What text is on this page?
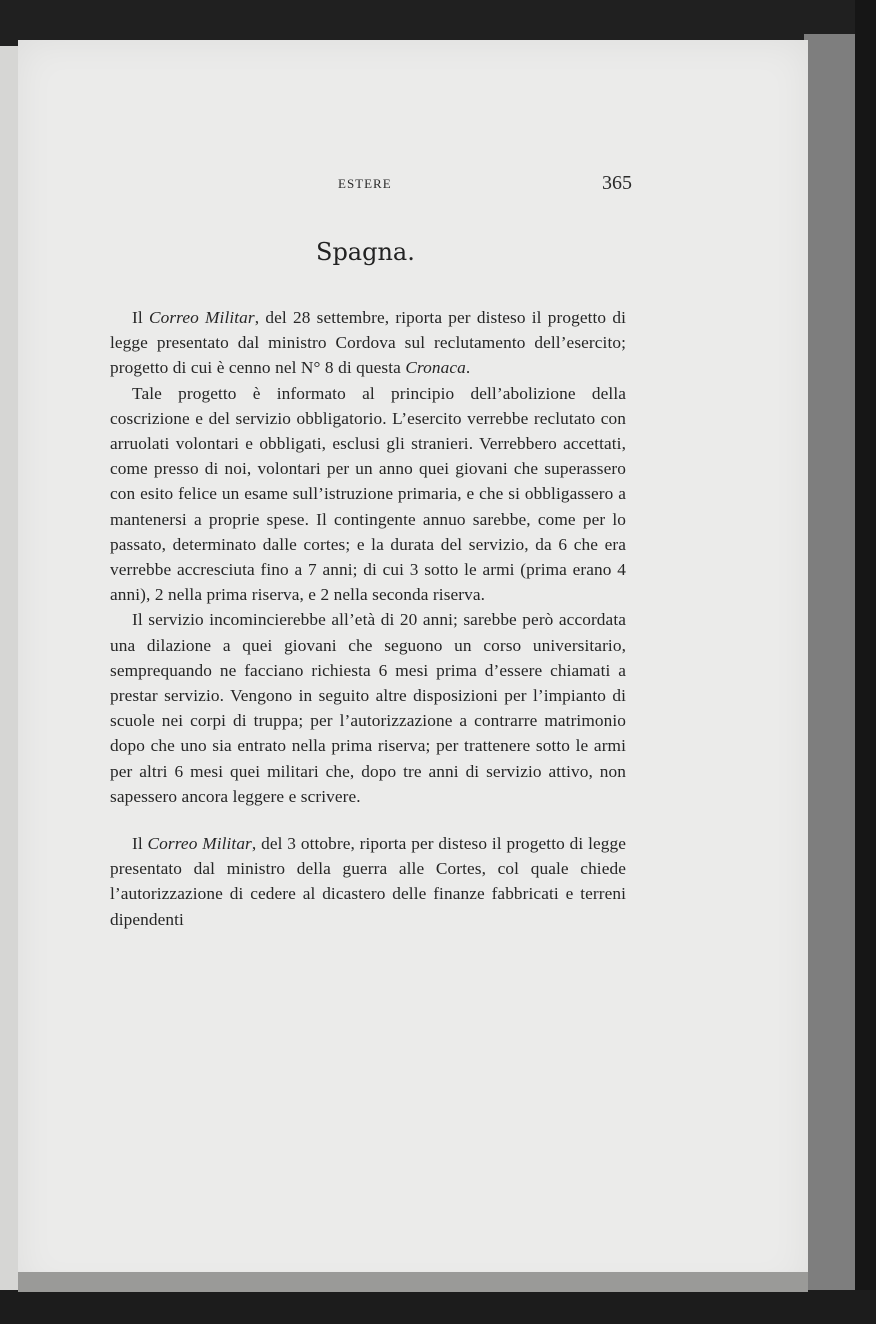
ESTERE	365
Spagna.

Il Correo Militar, del 28 settembre, riporta per disteso il progetto di legge presentato dal ministro Cordova sul reclutamento dell’esercito; progetto di cui è cenno nel N° 8 di questa Cronaca.

Tale progetto è informato al principio dell’abolizione della coscrizione e del servizio obbligatorio. L’esercito verrebbe reclutato con arruolati volontari e obbligati, esclusi gli stranieri. Verrebbero accettati, come presso di noi, volontari per un anno quei giovani che superassero con esito felice un esame sull’istruzione primaria, e che si obbligassero a mantenersi a proprie spese. Il contingente annuo sarebbe, come per lo passato, determinato dalle cortes; e la durata del servizio, da 6 che era verrebbe accresciuta fino a 7 anni; di cui 3 sotto le armi (prima erano 4 anni), 2 nella prima riserva, e 2 nella seconda riserva.

Il servizio incomincierebbe all’età di 20 anni; sarebbe però accordata una dilazione a quei giovani che seguono un corso universitario, semprequando ne facciano richiesta 6 mesi prima d’essere chiamati a prestar servizio. Vengono in seguito altre disposizioni per l’impianto di scuole nei corpi di truppa; per l’autorizzazione a contrarre matrimonio dopo che uno sia entrato nella prima riserva; per trattenere sotto le armi per altri 6 mesi quei militari che, dopo tre anni di servizio attivo, non sapessero ancora leggere e scrivere.

Il Correo Militar, del 3 ottobre, riporta per disteso il progetto di legge presentato dal ministro della guerra alle Cortes, col quale chiede l’autorizzazione di cedere al dicastero delle finanze fabbricati e terreni dipendenti
